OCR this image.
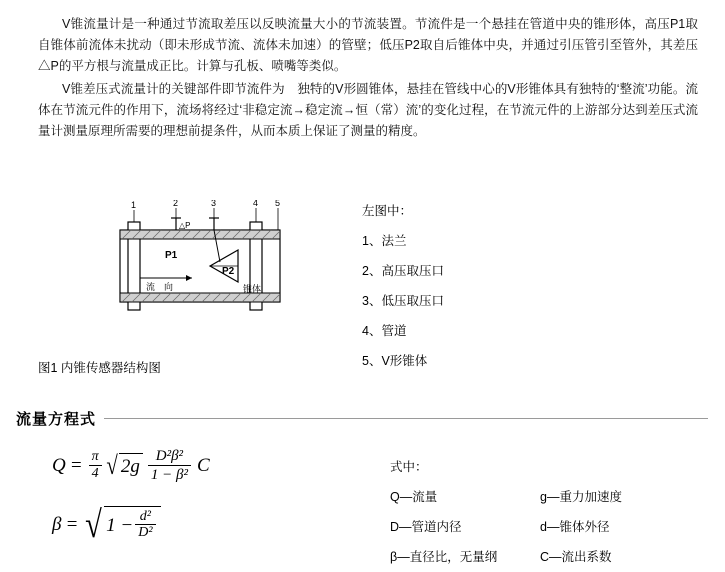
V锥流量计是一种通过节流取差压以反映流量大小的节流装置。节流件是一个悬挂在管道中央的锥形体，高压P1取自锥体前流体未扰动（即未形成节流、流体未加速）的管壁；低压P2取自后锥体中央，并通过引压管引至管外，其差压△P的平方根与流量成正比。计算与孔板、喷嘴等类似。

V锥差压式流量计的关键部件即节流件为　独特的V形圆锥体，悬挂在管线中心的V形锥体具有独特的‘整流’功能。流体在节流元件的作用下，流场将经过‘非稳定流→稳定流→恒（常）流’的变化过程，在节流元件的上游部分达到差压式流量计测量原理所需要的理想前提条件，从而本质上保证了测量的精度。

1	2	3	4 5
△P
P1
P2
流　向	锥体
图1 内锥传感器结构图
左图中：
1、法兰
2、高压取压口
3、低压取压口
4、管道
5、V形锥体
流量方程式
$Q = \frac{\pi}{4}$ √ $2g \frac{\text{D²β²}}{\text{1 − β²}}$ C
β = √ $1 - \frac{\text{d²}}{\text{D²}}$
式中：
Q—流量	g—重力加速度
D—管道内径	d—锥体外径
β—直径比，无量纲	C—流出系数
